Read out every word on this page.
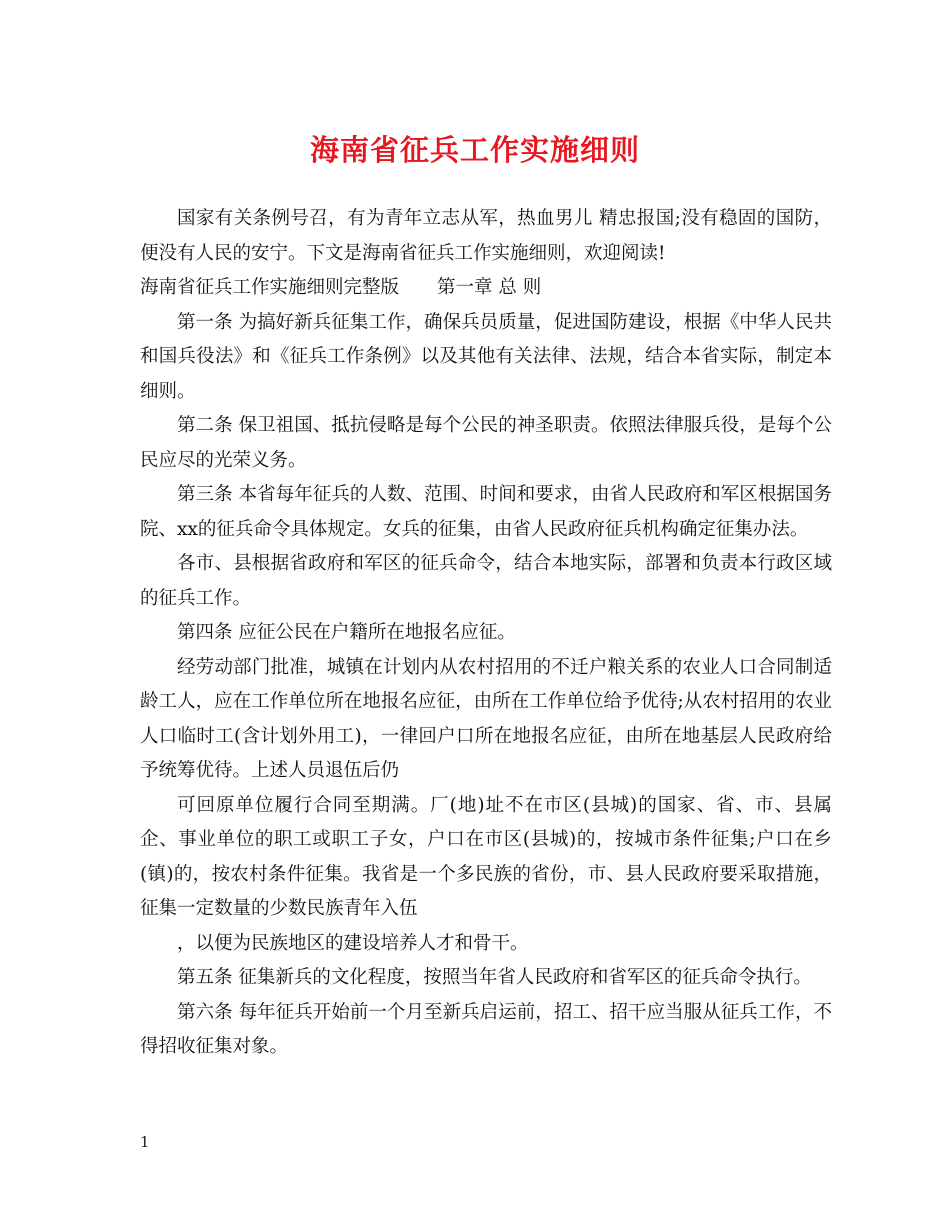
海南省征兵工作实施细则

国家有关条例号召，有为青年立志从军，热血男儿 精忠报国;没有稳固的国防，便没有人民的安宁。下文是海南省征兵工作实施细则，欢迎阅读!

海南省征兵工作实施细则完整版 第一章 总 则

第一条 为搞好新兵征集工作，确保兵员质量，促进国防建设，根据《中华人民共和国兵役法》和《征兵工作条例》以及其他有关法律、法规，结合本省实际，制定本细则。

第二条 保卫祖国、抵抗侵略是每个公民的神圣职责。依照法律服兵役，是每个公民应尽的光荣义务。

第三条 本省每年征兵的人数、范围、时间和要求，由省人民政府和军区根据国务院、xx的征兵命令具体规定。女兵的征集，由省人民政府征兵机构确定征集办法。

各市、县根据省政府和军区的征兵命令，结合本地实际，部署和负责本行政区域的征兵工作。

第四条 应征公民在户籍所在地报名应征。

经劳动部门批准，城镇在计划内从农村招用的不迁户粮关系的农业人口合同制适龄工人，应在工作单位所在地报名应征，由所在工作单位给予优待;从农村招用的农业人口临时工(含计划外用工)，一律回户口所在地报名应征，由所在地基层人民政府给予统筹优待。上述人员退伍后仍

可回原单位履行合同至期满。厂(地)址不在市区(县城)的国家、省、市、县属企、事业单位的职工或职工子女，户口在市区(县城)的，按城市条件征集;户口在乡(镇)的，按农村条件征集。我省是一个多民族的省份，市、县人民政府要采取措施，征集一定数量的少数民族青年入伍

，以便为民族地区的建设培养人才和骨干。

第五条 征集新兵的文化程度，按照当年省人民政府和省军区的征兵命令执行。

第六条 每年征兵开始前一个月至新兵启运前，招工、招干应当服从征兵工作，不得招收征集对象。

1
